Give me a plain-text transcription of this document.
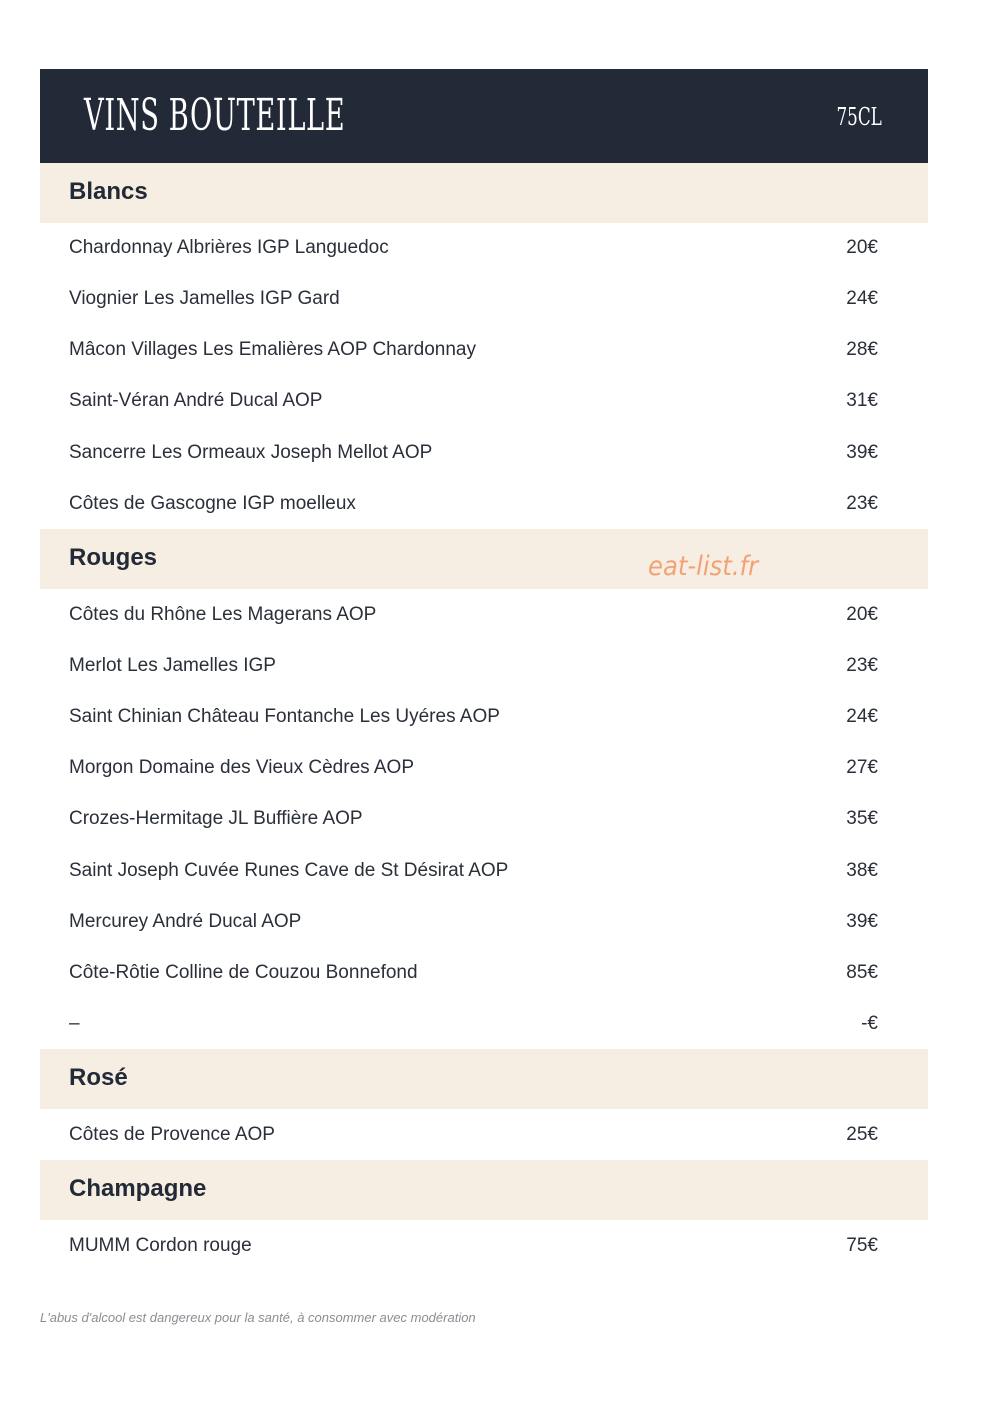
VINS BOUTEILLE	75CL
Blancs
Chardonnay Albrières IGP Languedoc	20€
Viognier Les Jamelles IGP Gard	24€
Mâcon Villages Les Emalières AOP Chardonnay	28€
Saint-Véran André Ducal AOP	31€
Sancerre Les Ormeaux Joseph Mellot AOP	39€
Côtes de Gascogne IGP moelleux	23€
Rouges	eat-list.fr
Côtes du Rhône Les Magerans AOP	20€
Merlot Les Jamelles IGP	23€
Saint Chinian Château Fontanche Les Uyéres AOP	24€
Morgon Domaine des Vieux Cèdres AOP	27€
Crozes-Hermitage JL Buffière AOP	35€
Saint Joseph Cuvée Runes Cave de St Désirat AOP	38€
Mercurey André Ducal AOP	39€
Côte-Rôtie Colline de Couzou Bonnefond	85€
–	-€
Rosé
Côtes de Provence AOP	25€
Champagne
MUMM Cordon rouge	75€
L'abus d'alcool est dangereux pour la santé, à consommer avec modération
